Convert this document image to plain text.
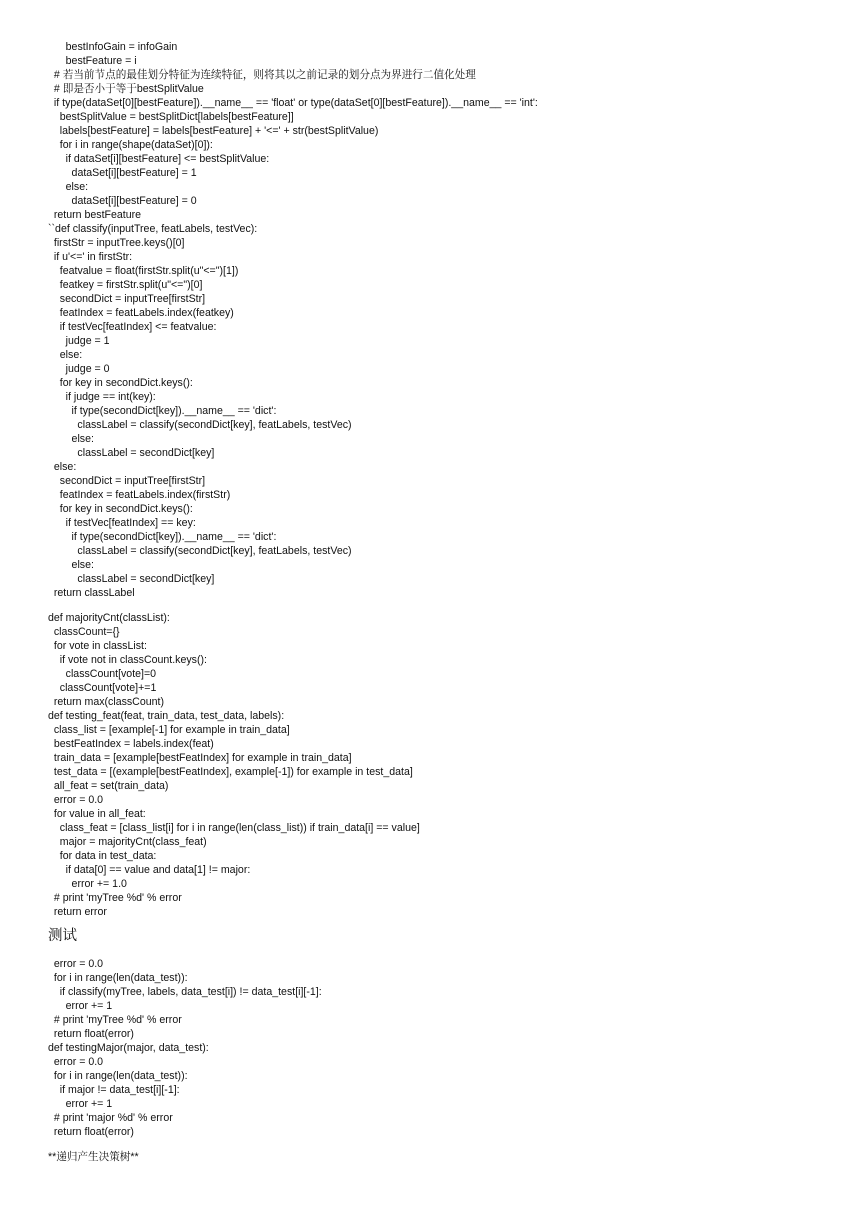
bestInfoGain = infoGain
bestFeature = i
# 若当前节点的最佳划分特征为连续特征，则将其以之前记录的划分点为界进行二值化处理
# 即是否小于等于bestSplitValue
if type(dataSet[0][bestFeature]).__name__ == 'float' or type(dataSet[0][bestFeature]).__name__ == 'int':
bestSplitValue = bestSplitDict[labels[bestFeature]]
labels[bestFeature] = labels[bestFeature] + '<=' + str(bestSplitValue)
for i in range(shape(dataSet)[0]):
if dataSet[i][bestFeature] <= bestSplitValue:
dataSet[i][bestFeature] = 1
else:
dataSet[i][bestFeature] = 0
return bestFeature
``def classify(inputTree, featLabels, testVec):
firstStr = inputTree.keys()[0]
if u'<=' in firstStr:
featvalue = float(firstStr.split(u"<=")[1])
featkey = firstStr.split(u"<=")[0]
secondDict = inputTree[firstStr]
featIndex = featLabels.index(featkey)
if testVec[featIndex] <= featvalue:
judge = 1
else:
judge = 0
for key in secondDict.keys():
if judge == int(key):
if type(secondDict[key]).__name__ == 'dict':
classLabel = classify(secondDict[key], featLabels, testVec)
else:
classLabel = secondDict[key]
else:
secondDict = inputTree[firstStr]
featIndex = featLabels.index(firstStr)
for key in secondDict.keys():
if testVec[featIndex] == key:
if type(secondDict[key]).__name__ == 'dict':
classLabel = classify(secondDict[key], featLabels, testVec)
else:
classLabel = secondDict[key]
return classLabel
def majorityCnt(classList):
classCount={}
for vote in classList:
if vote not in classCount.keys():
classCount[vote]=0
classCount[vote]+=1
return max(classCount)
def testing_feat(feat, train_data, test_data, labels):
class_list = [example[-1] for example in train_data]
bestFeatIndex = labels.index(feat)
train_data = [example[bestFeatIndex] for example in train_data]
test_data = [(example[bestFeatIndex], example[-1]) for example in test_data]
all_feat = set(train_data)
error = 0.0
for value in all_feat:
class_feat = [class_list[i] for i in range(len(class_list)) if train_data[i] == value]
major = majorityCnt(class_feat)
for data in test_data:
if data[0] == value and data[1] != major:
error += 1.0
# print 'myTree %d' % error
return error
测试
error = 0.0
for i in range(len(data_test)):
if classify(myTree, labels, data_test[i]) != data_test[i][-1]:
error += 1
# print 'myTree %d' % error
return float(error)
def testingMajor(major, data_test):
error = 0.0
for i in range(len(data_test)):
if major != data_test[i][-1]:
error += 1
# print 'major %d' % error
return float(error)
**递归产生决策树**
